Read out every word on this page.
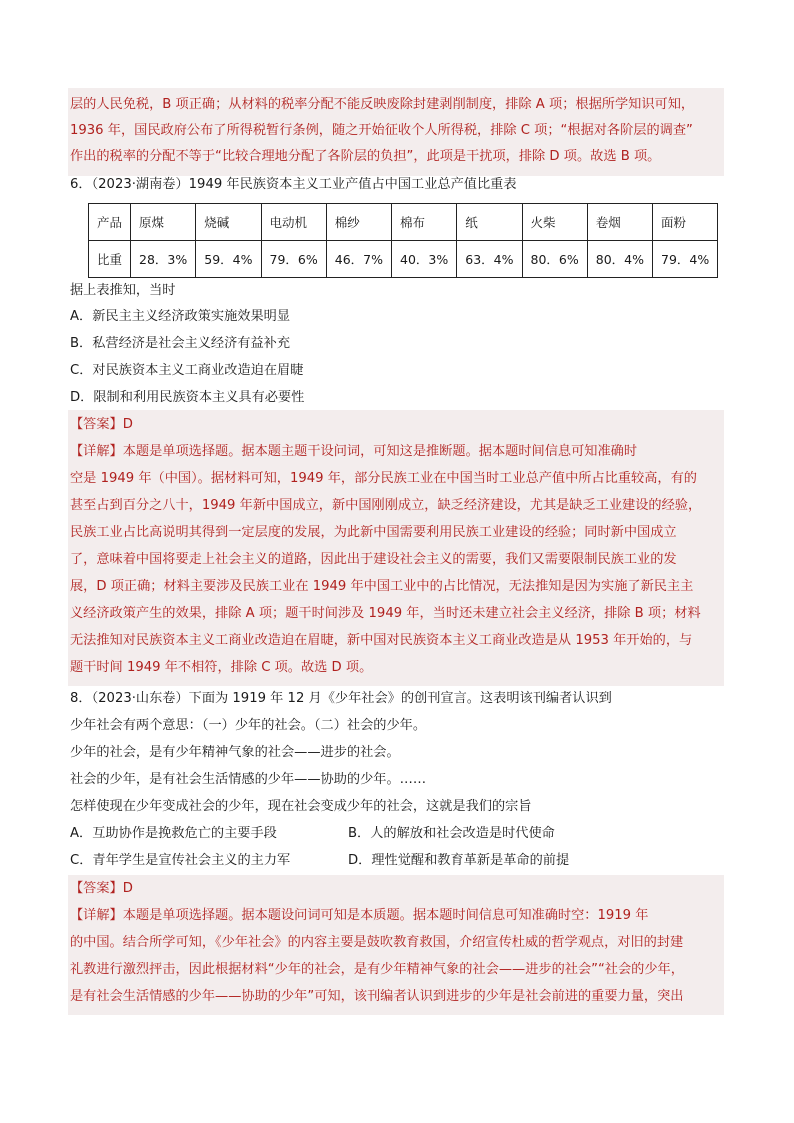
层的人民免税，B 项正确；从材料的税率分配不能反映废除封建剥削制度，排除 A 项；根据所学知识可知，
1936 年，国民政府公布了所得税暂行条例，随之开始征收个人所得税，排除 C 项；“根据对各阶层的调查”
作出的税率的分配不等于“比较合理地分配了各阶层的负担”，此项是干扰项，排除 D 项。故选 B 项。
6．（2023·湖南卷）1949 年民族资本主义工业产值占中国工业总产值比重表
产品	原煤	烧碱	电动机	棉纱	棉布	纸	火柴	卷烟	面粉
比重	28．3%	59．4%	79．6%	46．7%	40．3%	63．4%	80．6%	80．4%	79．4%
据上表推知，当时
A．新民主主义经济政策实施效果明显
B．私营经济是社会主义经济有益补充
C．对民族资本主义工商业改造迫在眉睫
D．限制和利用民族资本主义具有必要性
【答案】D
【详解】本题是单项选择题。据本题主题干设问词，可知这是推断题。据本题时间信息可知准确时
空是 1949 年（中国）。据材料可知，1949 年，部分民族工业在中国当时工业总产值中所占比重较高，有的
甚至占到百分之八十，1949 年新中国成立，新中国刚刚成立，缺乏经济建设，尤其是缺乏工业建设的经验，
民族工业占比高说明其得到一定层度的发展，为此新中国需要利用民族工业建设的经验；同时新中国成立
了，意味着中国将要走上社会主义的道路，因此出于建设社会主义的需要，我们又需要限制民族工业的发
展，D 项正确；材料主要涉及民族工业在 1949 年中国工业中的占比情况，无法推知是因为实施了新民主主
义经济政策产生的效果，排除 A 项；题干时间涉及 1949 年，当时还未建立社会主义经济，排除 B 项；材料
无法推知对民族资本主义工商业改造迫在眉睫，新中国对民族资本主义工商业改造是从 1953 年开始的，与
题干时间 1949 年不相符，排除 C 项。故选 D 项。
8．（2023·山东卷）下面为 1919 年 12 月《少年社会》的创刊宣言。这表明该刊编者认识到
少年社会有两个意思：（一）少年的社会。（二）社会的少年。
少年的社会，是有少年精神气象的社会——进步的社会。
社会的少年，是有社会生活情感的少年——协助的少年。……
怎样使现在少年变成社会的少年，现在社会变成少年的社会，这就是我们的宗旨
A．互助协作是挽救危亡的主要手段	B．人的解放和社会改造是时代使命
C．青年学生是宣传社会主义的主力军	D．理性觉醒和教育革新是革命的前提
【答案】D
【详解】本题是单项选择题。据本题设问词可知是本质题。据本题时间信息可知准确时空：1919 年
的中国。结合所学可知，《少年社会》的内容主要是鼓吹教育救国，介绍宣传杜威的哲学观点，对旧的封建
礼教进行激烈抨击，因此根据材料“少年的社会，是有少年精神气象的社会——进步的社会”“社会的少年，
是有社会生活情感的少年——协助的少年”可知，该刊编者认识到进步的少年是社会前进的重要力量，突出
